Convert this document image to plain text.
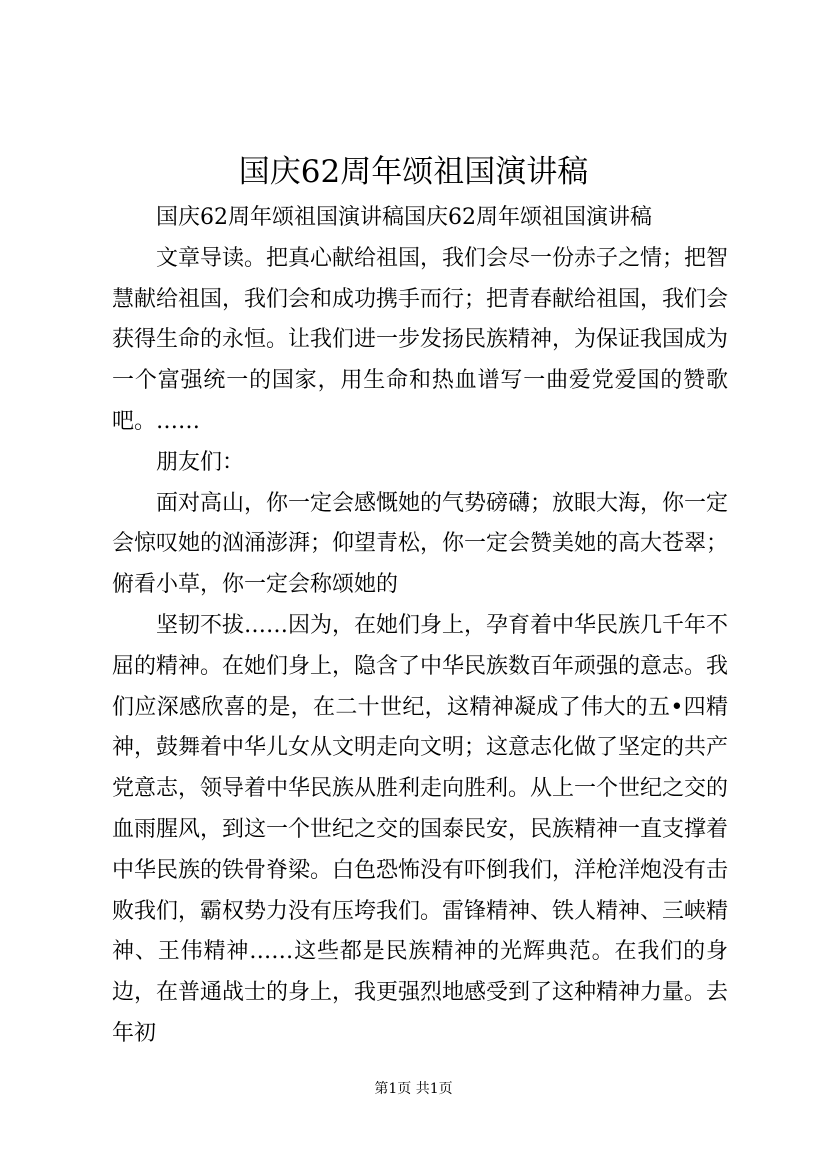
国庆62周年颂祖国演讲稿

国庆62周年颂祖国演讲稿国庆62周年颂祖国演讲稿

文章导读。把真心献给祖国，我们会尽一份赤子之情；把智慧献给祖国，我们会和成功携手而行；把青春献给祖国，我们会获得生命的永恒。让我们进一步发扬民族精神，为保证我国成为一个富强统一的国家，用生命和热血谱写一曲爱党爱国的赞歌吧。……

朋友们：

面对高山，你一定会感慨她的气势磅礴；放眼大海，你一定会惊叹她的汹涌澎湃；仰望青松，你一定会赞美她的高大苍翠；俯看小草，你一定会称颂她的

坚韧不拔……因为，在她们身上，孕育着中华民族几千年不屈的精神。在她们身上，隐含了中华民族数百年顽强的意志。我们应深感欣喜的是，在二十世纪，这精神凝成了伟大的五•四精神，鼓舞着中华儿女从文明走向文明；这意志化做了坚定的共产党意志，领导着中华民族从胜利走向胜利。从上一个世纪之交的血雨腥风，到这一个世纪之交的国泰民安，民族精神一直支撑着中华民族的铁骨脊梁。白色恐怖没有吓倒我们，洋枪洋炮没有击败我们，霸权势力没有压垮我们。雷锋精神、铁人精神、三峡精神、王伟精神……这些都是民族精神的光辉典范。在我们的身边，在普通战士的身上，我更强烈地感受到了这种精神力量。去年初

第1页 共1页
